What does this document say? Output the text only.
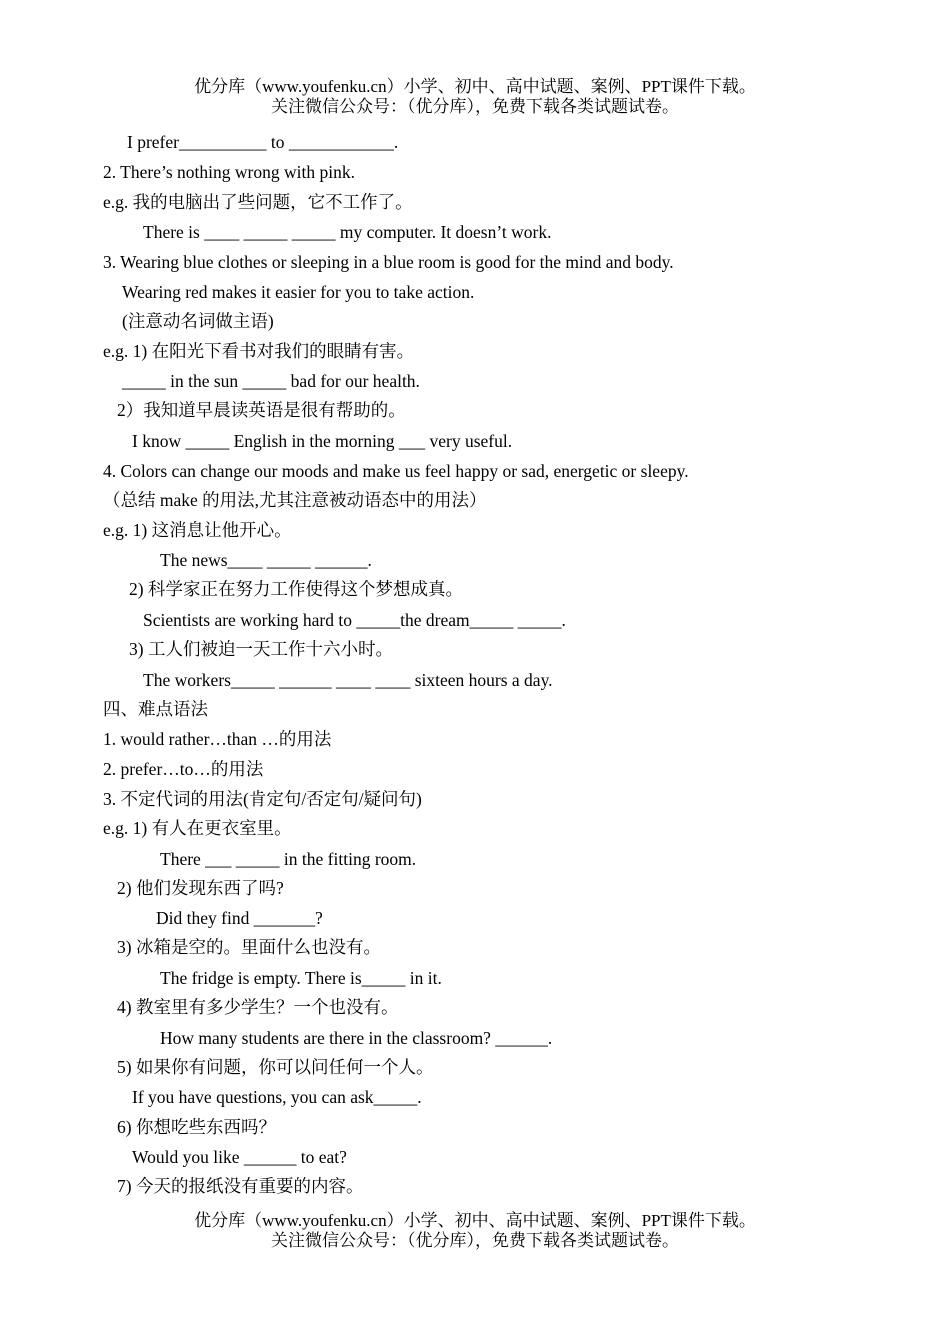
优分库（www.youfenku.cn）小学、初中、高中试题、案例、PPT课件下载。
关注微信公众号：（优分库），免费下载各类试题试卷。
I prefer__________ to ____________.
2. There’s nothing wrong with pink.
e.g. 我的电脑出了些问题，它不工作了。
There is ____ _____ _____ my computer. It doesn’t work.
3. Wearing blue clothes or sleeping in a blue room is good for the mind and body.
Wearing red makes it easier for you to take action.
(注意动名词做主语)
e.g. 1) 在阳光下看书对我们的眼睛有害。
_____ in the sun _____ bad for our health.
2）我知道早晨读英语是很有帮助的。
I know _____ English in the morning ___ very useful.
4. Colors can change our moods and make us feel happy or sad, energetic or sleepy.
（总结 make 的用法,尤其注意被动语态中的用法）
e.g. 1) 这消息让他开心。
The news____ _____ ______.
2) 科学家正在努力工作使得这个梦想成真。
Scientists are working hard to _____the dream_____ _____.
3) 工人们被迫一天工作十六小时。
The workers_____ ______ ____ ____ sixteen hours a day.
四、难点语法
1. would rather…than …的用法
2. prefer…to…的用法
3. 不定代词的用法(肯定句/否定句/疑问句)
e.g. 1) 有人在更衣室里。
There ___ _____ in the fitting room.
2) 他们发现东西了吗?
Did they find _______?
3) 冰箱是空的。里面什么也没有。
The fridge is empty. There is_____ in it.
4) 教室里有多少学生？一个也没有。
How many students are there in the classroom? ______.
5) 如果你有问题，你可以问任何一个人。
If you have questions, you can ask_____.
6) 你想吃些东西吗？
Would you like ______ to eat?
7) 今天的报纸没有重要的内容。
优分库（www.youfenku.cn）小学、初中、高中试题、案例、PPT课件下载。
关注微信公众号：（优分库），免费下载各类试题试卷。
